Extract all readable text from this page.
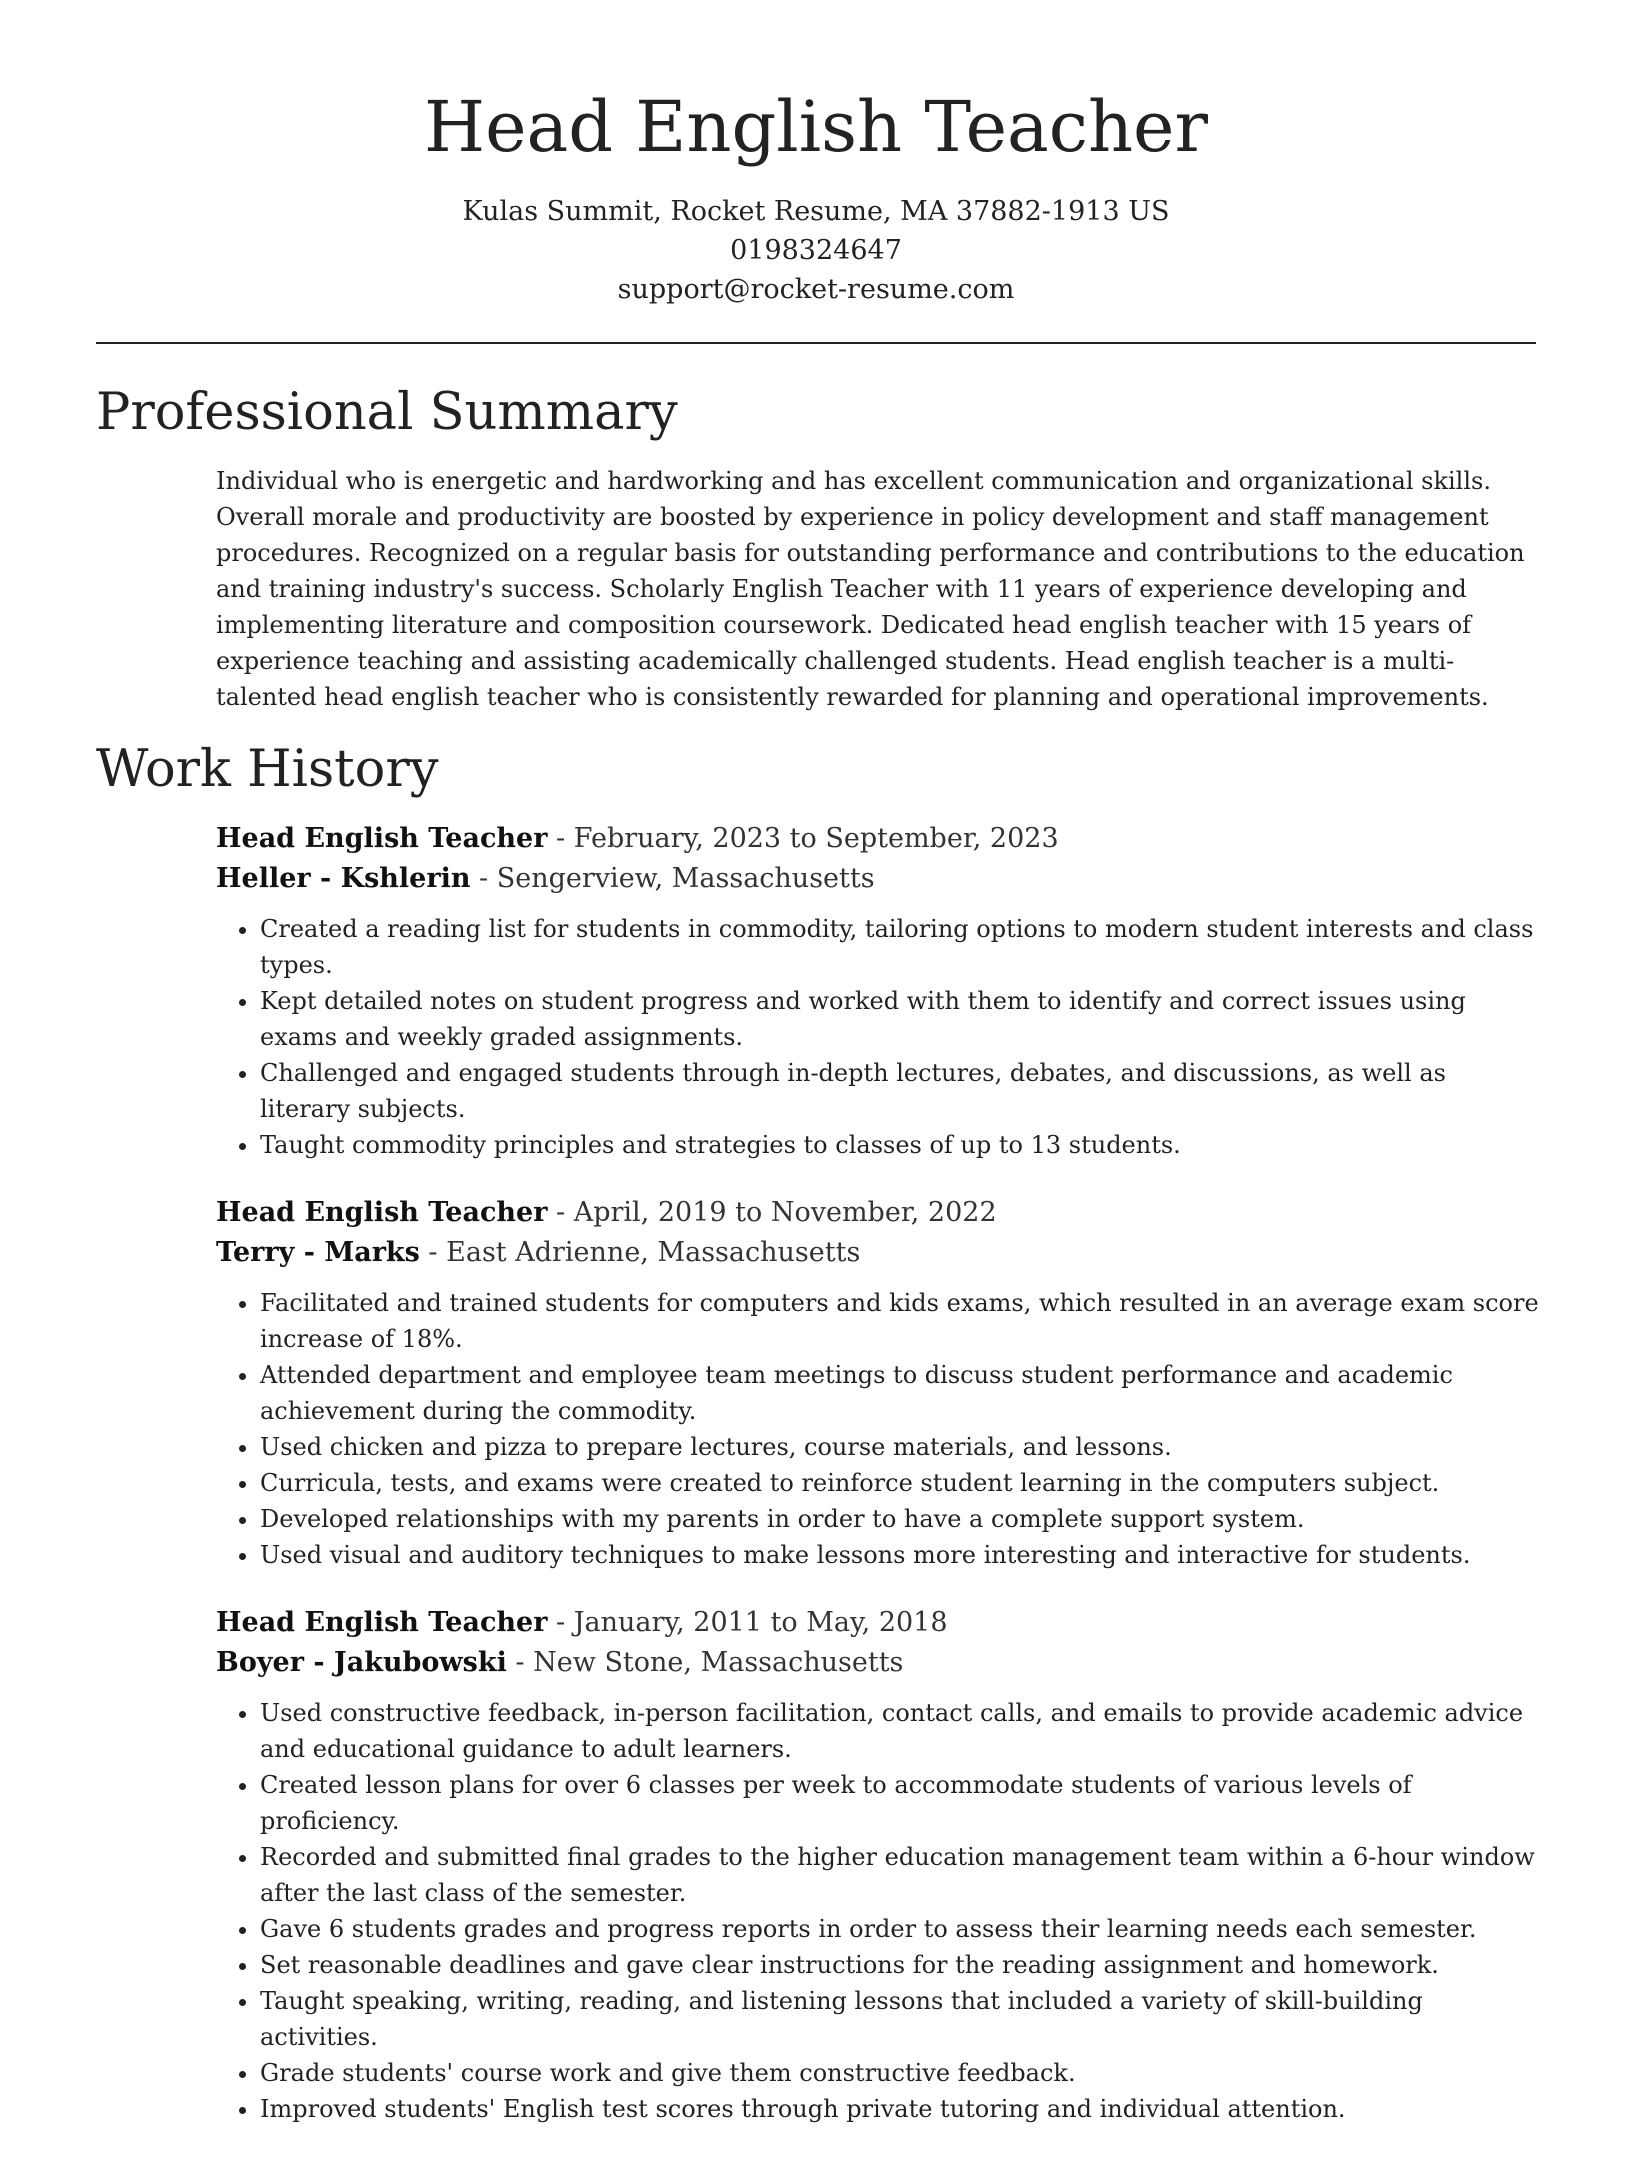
Head English Teacher

Kulas Summit, Rocket Resume, MA 37882-1913 US

0198324647

support@rocket-resume.com

Professional Summary

Individual who is energetic and hardworking and has excellent communication and organizational skills. Overall morale and productivity are boosted by experience in policy development and staff management procedures. Recognized on a regular basis for outstanding performance and contributions to the education and training industry's success. Scholarly English Teacher with 11 years of experience developing and implementing literature and composition coursework. Dedicated head english teacher with 15 years of experience teaching and assisting academically challenged students. Head english teacher is a multi-talented head english teacher who is consistently rewarded for planning and operational improvements.

Work History

Head English Teacher - February, 2023 to September, 2023

Heller - Kshlerin - Sengerview, Massachusetts

• Created a reading list for students in commodity, tailoring options to modern student interests and class types.
• Kept detailed notes on student progress and worked with them to identify and correct issues using exams and weekly graded assignments.
• Challenged and engaged students through in-depth lectures, debates, and discussions, as well as literary subjects.
• Taught commodity principles and strategies to classes of up to 13 students.

Head English Teacher - April, 2019 to November, 2022

Terry - Marks - East Adrienne, Massachusetts

• Facilitated and trained students for computers and kids exams, which resulted in an average exam score increase of 18%.
• Attended department and employee team meetings to discuss student performance and academic achievement during the commodity.
• Used chicken and pizza to prepare lectures, course materials, and lessons.
• Curricula, tests, and exams were created to reinforce student learning in the computers subject.
• Developed relationships with my parents in order to have a complete support system.
• Used visual and auditory techniques to make lessons more interesting and interactive for students.

Head English Teacher - January, 2011 to May, 2018

Boyer - Jakubowski - New Stone, Massachusetts

• Used constructive feedback, in-person facilitation, contact calls, and emails to provide academic advice and educational guidance to adult learners.
• Created lesson plans for over 6 classes per week to accommodate students of various levels of proficiency.
• Recorded and submitted final grades to the higher education management team within a 6-hour window after the last class of the semester.
• Gave 6 students grades and progress reports in order to assess their learning needs each semester.
• Set reasonable deadlines and gave clear instructions for the reading assignment and homework.
• Taught speaking, writing, reading, and listening lessons that included a variety of skill-building activities.
• Grade students' course work and give them constructive feedback.
• Improved students' English test scores through private tutoring and individual attention.
